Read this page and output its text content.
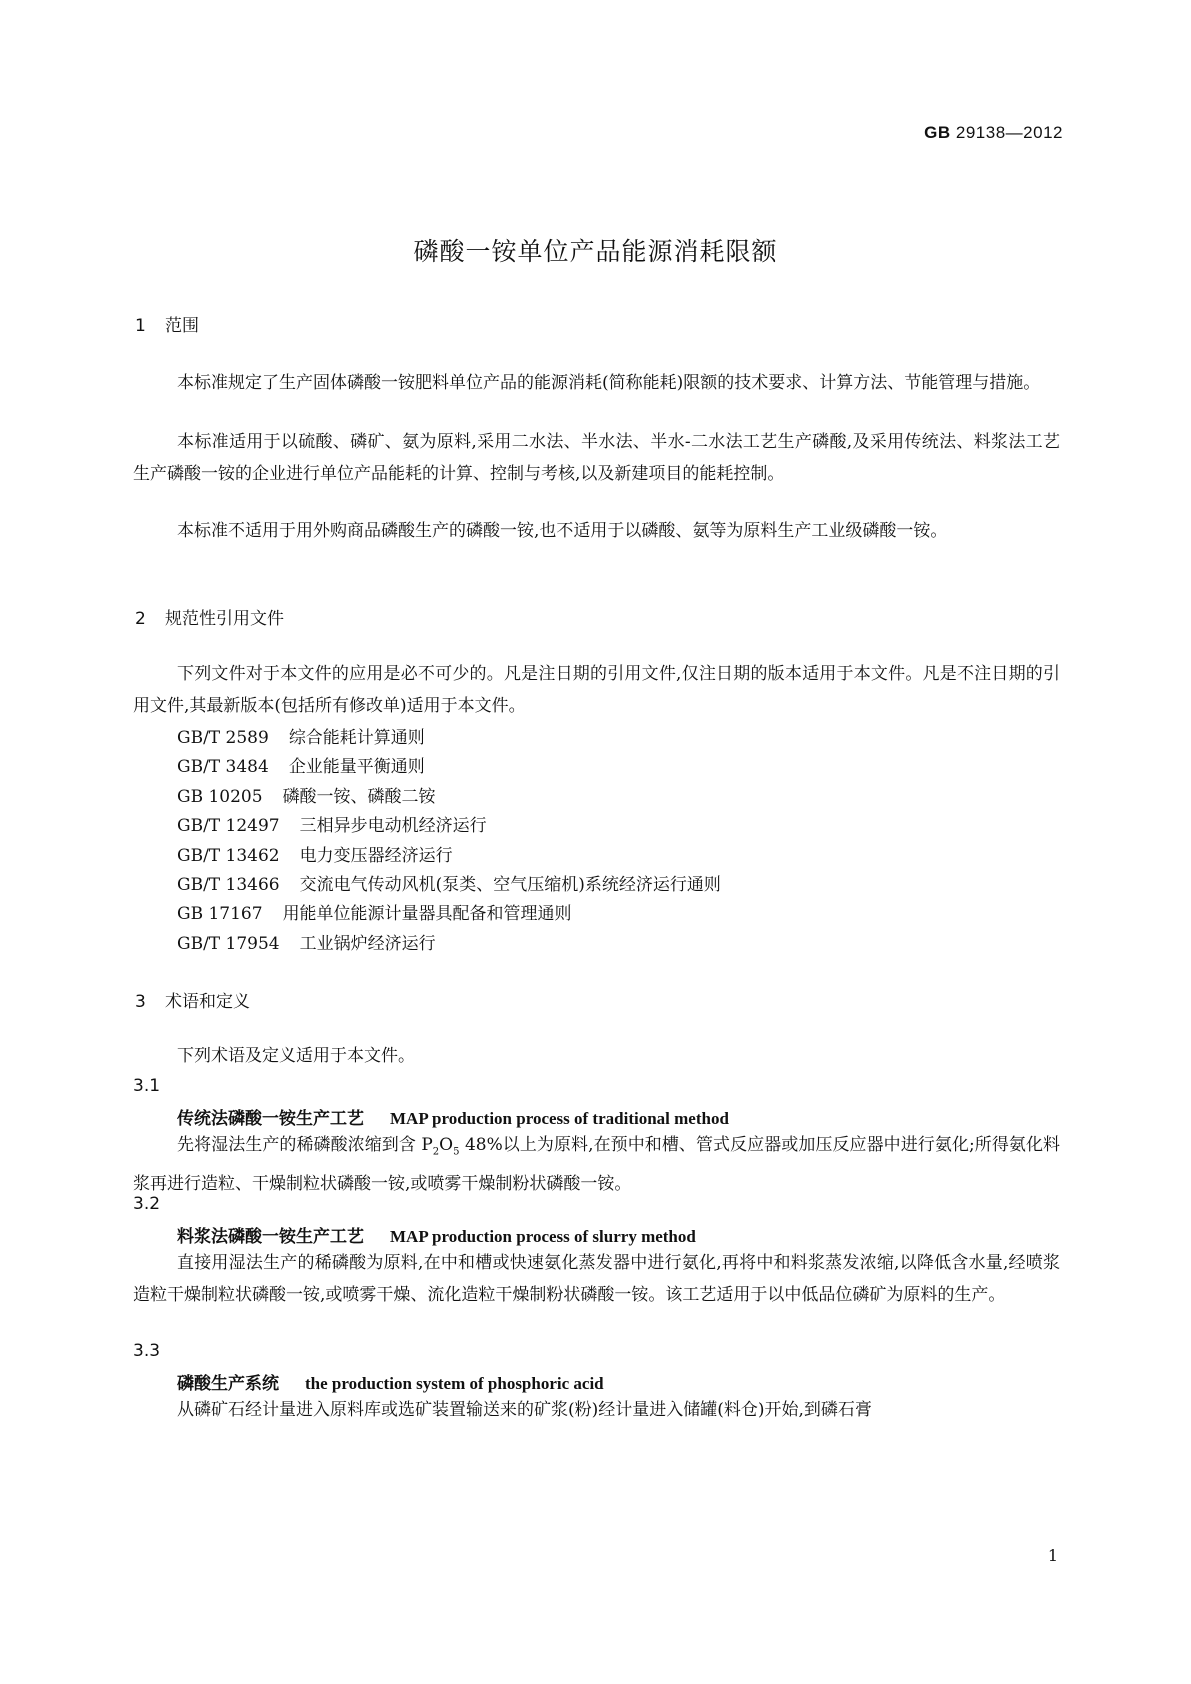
GB 29138—2012
磷酸一铵单位产品能源消耗限额
1 范围

本标准规定了生产固体磷酸一铵肥料单位产品的能源消耗(简称能耗)限额的技术要求、计算方法、节能管理与措施。

本标准适用于以硫酸、磷矿、氨为原料,采用二水法、半水法、半水-二水法工艺生产磷酸,及采用传统法、料浆法工艺生产磷酸一铵的企业进行单位产品能耗的计算、控制与考核,以及新建项目的能耗控制。

本标准不适用于用外购商品磷酸生产的磷酸一铵,也不适用于以磷酸、氨等为原料生产工业级磷酸一铵。

2 规范性引用文件

下列文件对于本文件的应用是必不可少的。凡是注日期的引用文件,仅注日期的版本适用于本文件。凡是不注日期的引用文件,其最新版本(包括所有修改单)适用于本文件。

GB/T 2589 综合能耗计算通则
GB/T 3484 企业能量平衡通则
GB 10205 磷酸一铵、磷酸二铵
GB/T 12497 三相异步电动机经济运行
GB/T 13462 电力变压器经济运行
GB/T 13466 交流电气传动风机(泵类、空气压缩机)系统经济运行通则
GB 17167 用能单位能源计量器具配备和管理通则
GB/T 17954 工业锅炉经济运行
3 术语和定义

下列术语及定义适用于本文件。

3.1
传统法磷酸一铵生产工艺 MAP production process of traditional method

先将湿法生产的稀磷酸浓缩到含 $P_2O_5$ 48%以上为原料,在预中和槽、管式反应器或加压反应器中进行氨化;所得氨化料浆再进行造粒、干燥制粒状磷酸一铵,或喷雾干燥制粉状磷酸一铵。

3.2
料浆法磷酸一铵生产工艺 MAP production process of slurry method

直接用湿法生产的稀磷酸为原料,在中和槽或快速氨化蒸发器中进行氨化,再将中和料浆蒸发浓缩,以降低含水量,经喷浆造粒干燥制粒状磷酸一铵,或喷雾干燥、流化造粒干燥制粉状磷酸一铵。该工艺适用于以中低品位磷矿为原料的生产。

3.3
磷酸生产系统 the production system of phosphoric acid

从磷矿石经计量进入原料库或选矿装置输送来的矿浆(粉)经计量进入储罐(料仓)开始,到磷石膏

1
